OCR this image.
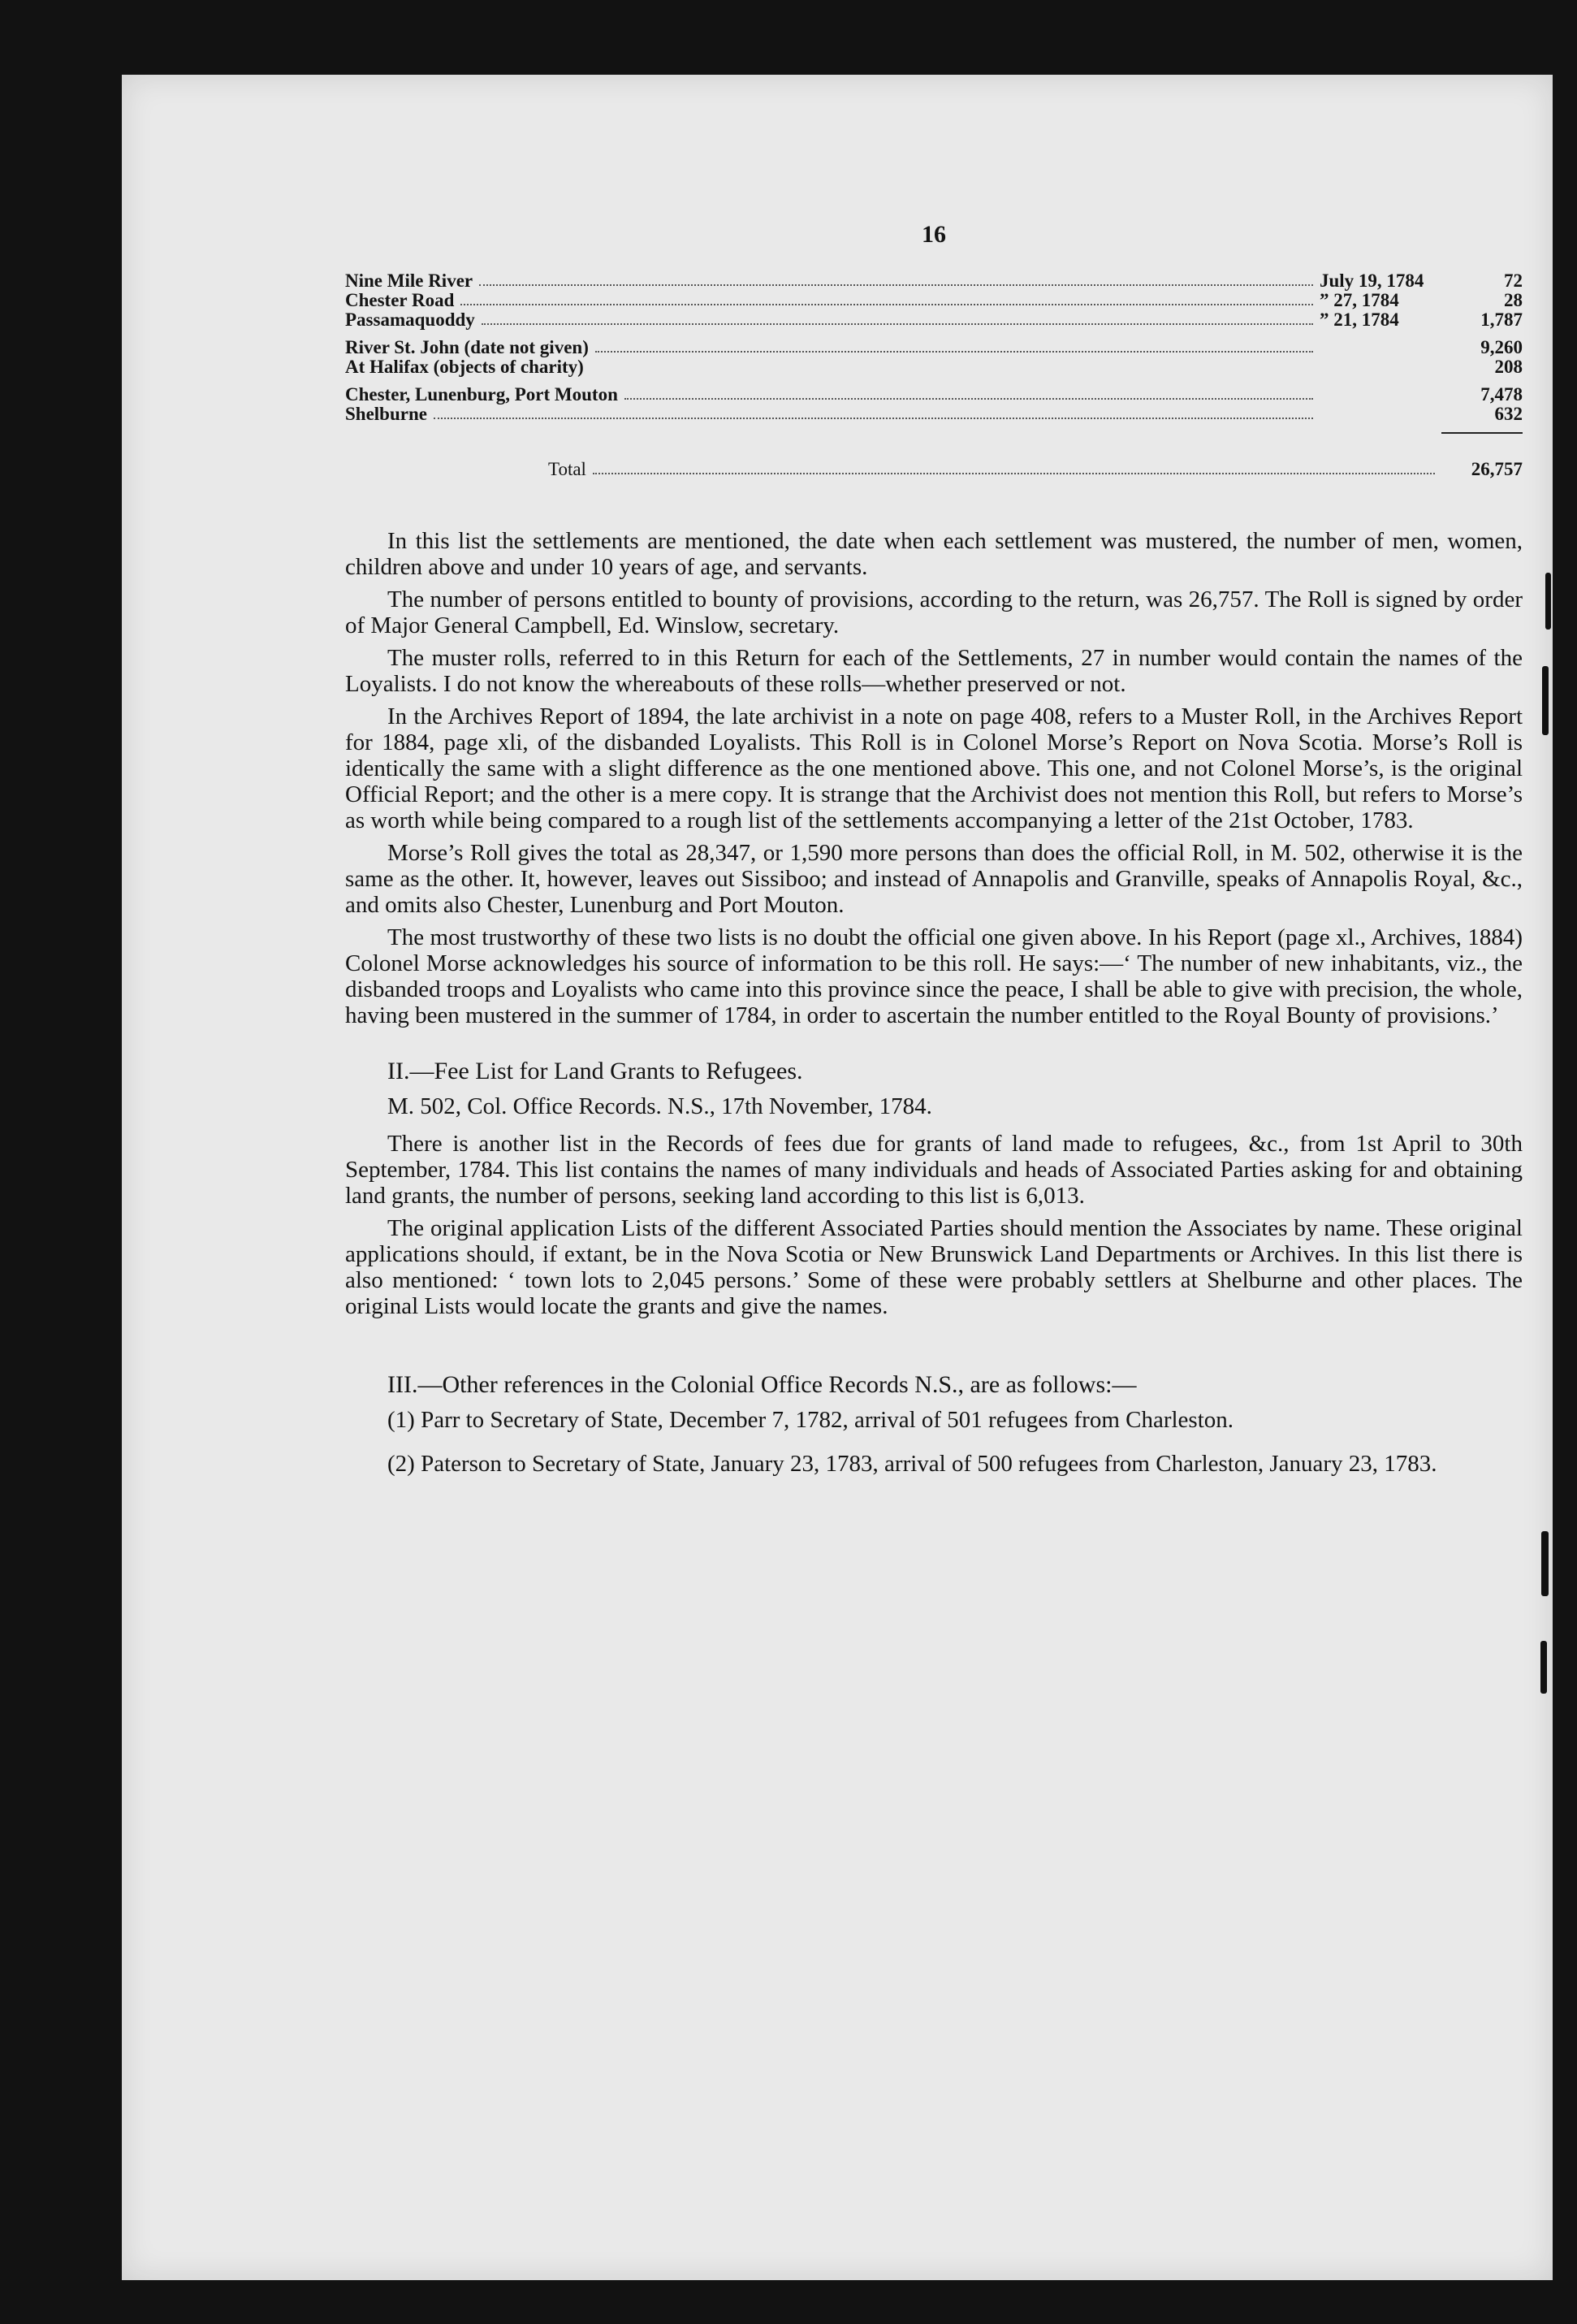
16
Nine Mile River	July 19, 1784	72
Chester Road	” 27, 1784	28
Passamaquoddy	” 21, 1784	1,787
River St. John (date not given)	9,260
At Halifax (objects of charity)	208
Chester, Lunenburg, Port Mouton	7,478
Shelburne	632
Total	26,757

In this list the settlements are mentioned, the date when each settlement was mustered, the number of men, women, children above and under 10 years of age, and servants.

The number of persons entitled to bounty of provisions, according to the return, was 26,757. The Roll is signed by order of Major General Campbell, Ed. Winslow, secretary.

The muster rolls, referred to in this Return for each of the Settlements, 27 in number would contain the names of the Loyalists. I do not know the whereabouts of these rolls—whether preserved or not.

In the Archives Report of 1894, the late archivist in a note on page 408, refers to a Muster Roll, in the Archives Report for 1884, page xli, of the disbanded Loyalists. This Roll is in Colonel Morse’s Report on Nova Scotia. Morse’s Roll is identically the same with a slight difference as the one mentioned above. This one, and not Colonel Morse’s, is the original Official Report; and the other is a mere copy. It is strange that the Archivist does not mention this Roll, but refers to Morse’s as worth while being compared to a rough list of the settlements accompanying a letter of the 21st October, 1783.

Morse’s Roll gives the total as 28,347, or 1,590 more persons than does the official Roll, in M. 502, otherwise it is the same as the other. It, however, leaves out Sissiboo; and instead of Annapolis and Granville, speaks of Annapolis Royal, &c., and omits also Chester, Lunenburg and Port Mouton.

The most trustworthy of these two lists is no doubt the official one given above. In his Report (page xl., Archives, 1884) Colonel Morse acknowledges his source of information to be this roll. He says:—‘ The number of new inhabitants, viz., the disbanded troops and Loyalists who came into this province since the peace, I shall be able to give with precision, the whole, having been mustered in the summer of 1784, in order to ascertain the number entitled to the Royal Bounty of provisions.’

II.—Fee List for Land Grants to Refugees.
M. 502, Col. Office Records. N.S., 17th November, 1784.

There is another list in the Records of fees due for grants of land made to refugees, &c., from 1st April to 30th September, 1784. This list contains the names of many individuals and heads of Associated Parties asking for and obtaining land grants, the number of persons, seeking land according to this list is 6,013.

The original application Lists of the different Associated Parties should mention the Associates by name. These original applications should, if extant, be in the Nova Scotia or New Brunswick Land Departments or Archives. In this list there is also mentioned: ‘ town lots to 2,045 persons.’ Some of these were probably settlers at Shelburne and other places. The original Lists would locate the grants and give the names.

III.—Other references in the Colonial Office Records N.S., are as follows:—

(1) Parr to Secretary of State, December 7, 1782, arrival of 501 refugees from Charleston.

(2) Paterson to Secretary of State, January 23, 1783, arrival of 500 refugees from Charleston, January 23, 1783.
